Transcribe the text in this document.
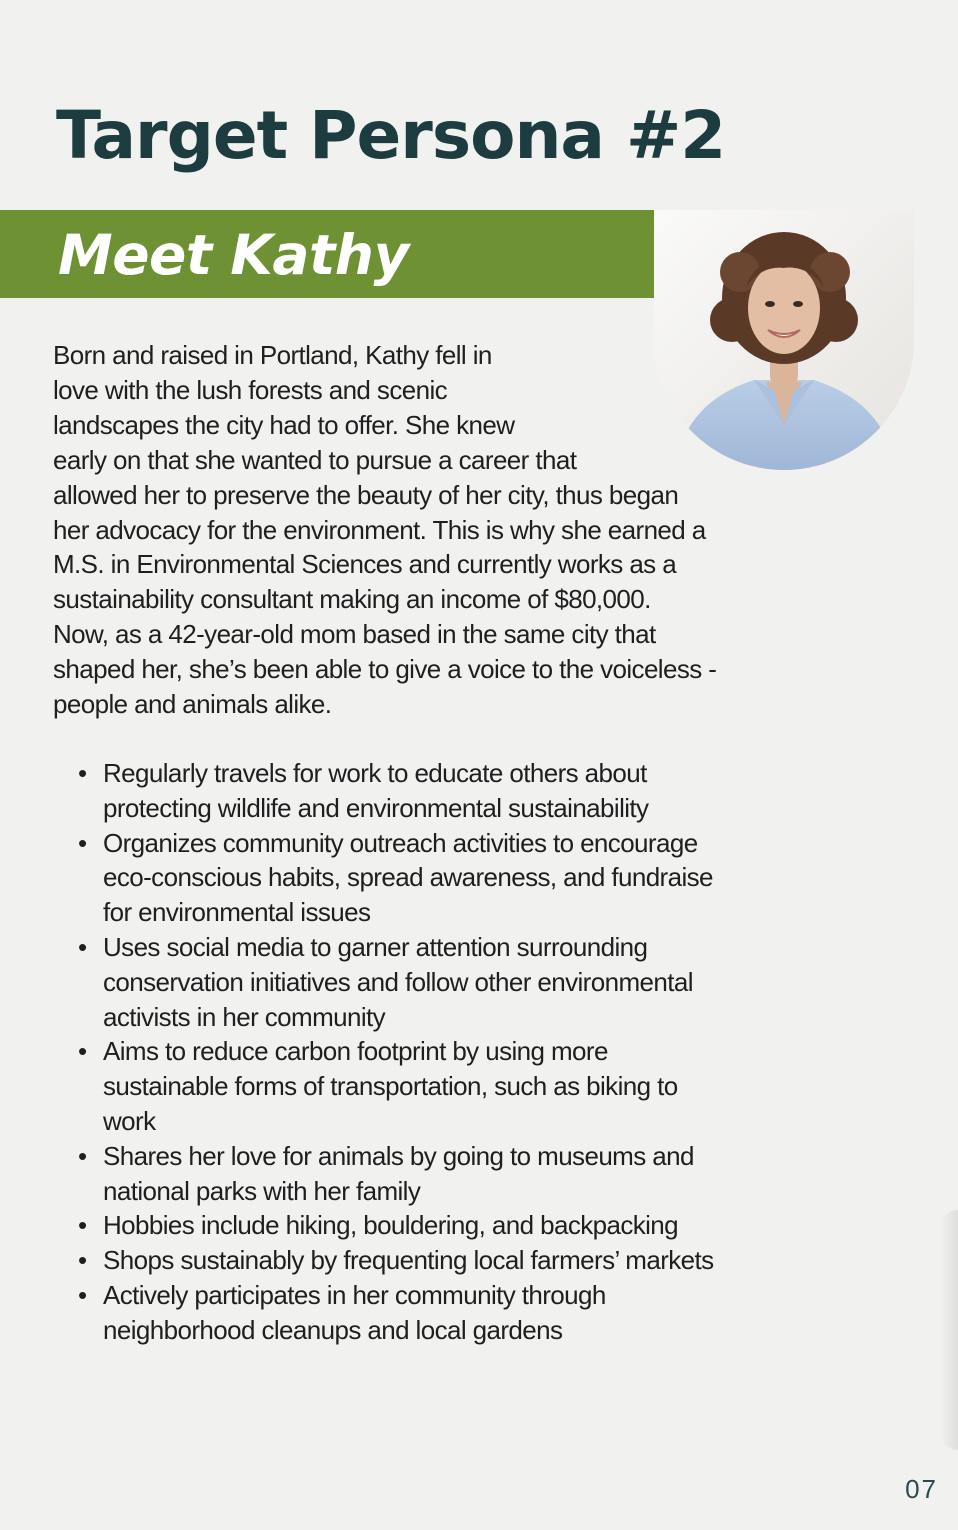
Target Persona #2
Meet Kathy

Born and raised in Portland, Kathy fell in
love with the lush forests and scenic
landscapes the city had to offer. She knew
early on that she wanted to pursue a career that
allowed her to preserve the beauty of her city, thus began
her advocacy for the environment. This is why she earned a
M.S. in Environmental Sciences and currently works as a
sustainability consultant making an income of $80,000.
Now, as a 42-year-old mom based in the same city that
shaped her, she’s been able to give a voice to the voiceless -
people and animals alike.

• Regularly travels for work to educate others about
protecting wildlife and environmental sustainability
• Organizes community outreach activities to encourage
eco-conscious habits, spread awareness, and fundraise
for environmental issues
• Uses social media to garner attention surrounding
conservation initiatives and follow other environmental
activists in her community
• Aims to reduce carbon footprint by using more
sustainable forms of transportation, such as biking to
work
• Shares her love for animals by going to museums and
national parks with her family
• Hobbies include hiking, bouldering, and backpacking
• Shops sustainably by frequenting local farmers’ markets
• Actively participates in her community through
neighborhood cleanups and local gardens
07
